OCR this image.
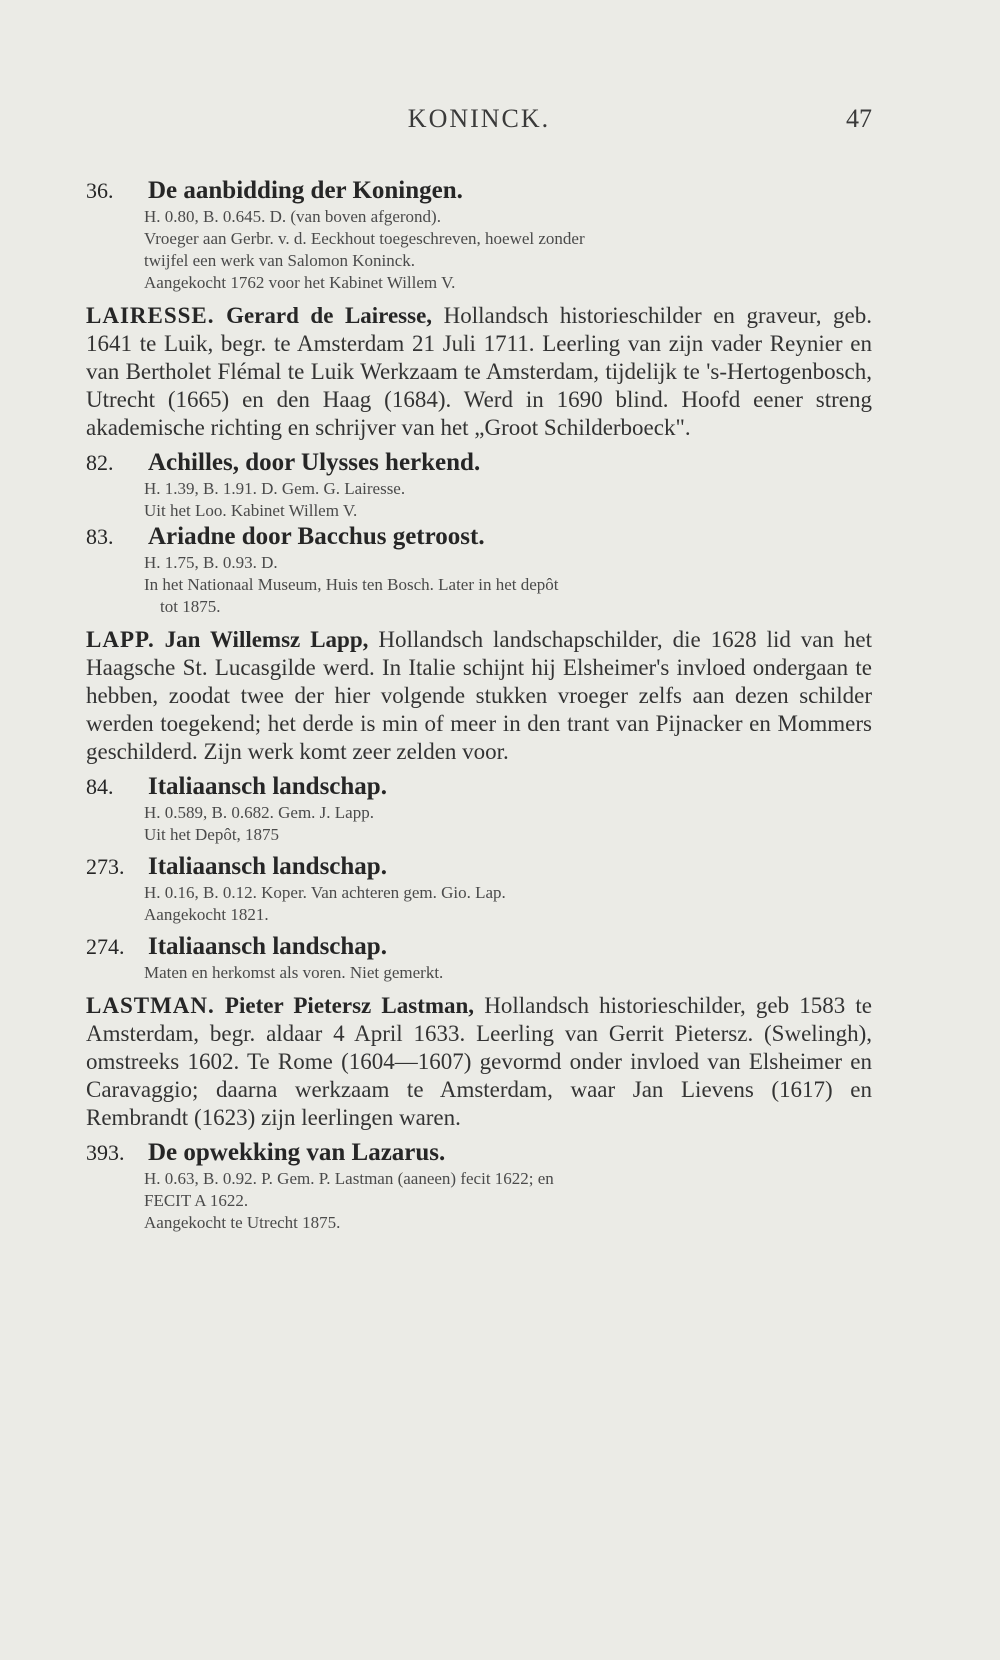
KONINCK.	47

36. De aanbidding der Koningen.

H. 0.80, B. 0.645. D. (van boven afgerond).

Vroeger aan Gerbr. v. d. Eeckhout toegeschreven, hoewel zonder

twijfel een werk van Salomon Koninck.

Aangekocht 1762 voor het Kabinet Willem V.

LAIRESSE. Gerard de Lairesse, Hollandsch historieschilder en graveur, geb. 1641 te Luik, begr. te Amsterdam 21 Juli 1711. Leerling van zijn vader Reynier en van Bertholet Flémal te Luik Werkzaam te Amsterdam, tijdelijk te 's-Hertogenbosch, Utrecht (1665) en den Haag (1684). Werd in 1690 blind. Hoofd eener streng akademische richting en schrijver van het „Groot Schilderboeck".

82. Achilles, door Ulysses herkend.

H. 1.39, B. 1.91. D. Gem. G. Lairesse.

Uit het Loo. Kabinet Willem V.

83. Ariadne door Bacchus getroost.

H. 1.75, B. 0.93. D.

In het Nationaal Museum, Huis ten Bosch. Later in het depôt

tot 1875.

LAPP. Jan Willemsz Lapp, Hollandsch landschapschilder, die 1628 lid van het Haagsche St. Lucasgilde werd. In Italie schijnt hij Elsheimer's invloed ondergaan te hebben, zoodat twee der hier volgende stukken vroeger zelfs aan dezen schilder werden toegekend; het derde is min of meer in den trant van Pijnacker en Mommers geschilderd. Zijn werk komt zeer zelden voor.

84. Italiaansch landschap.

H. 0.589, B. 0.682. Gem. J. Lapp.

Uit het Depôt, 1875

273. Italiaansch landschap.

H. 0.16, B. 0.12. Koper. Van achteren gem. Gio. Lap.

Aangekocht 1821.

274. Italiaansch landschap.

Maten en herkomst als voren. Niet gemerkt.

LASTMAN. Pieter Pietersz Lastman, Hollandsch historieschilder, geb 1583 te Amsterdam, begr. aldaar 4 April 1633. Leerling van Gerrit Pietersz. (Swelingh), omstreeks 1602. Te Rome (1604—1607) gevormd onder invloed van Elsheimer en Caravaggio; daarna werkzaam te Amsterdam, waar Jan Lievens (1617) en Rembrandt (1623) zijn leerlingen waren.

393. De opwekking van Lazarus.

H. 0.63, B. 0.92. P. Gem. P. Lastman (aaneen) fecit 1622; en

FECIT A 1622.

Aangekocht te Utrecht 1875.
